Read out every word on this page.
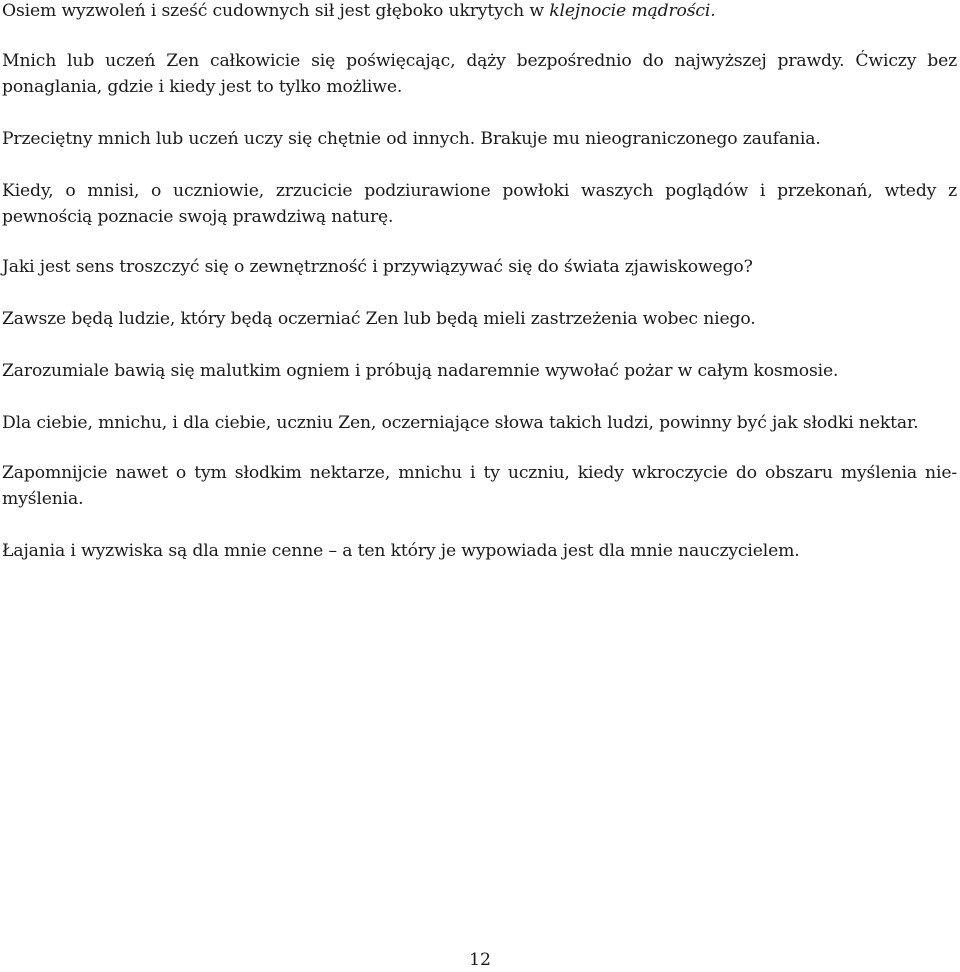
Osiem wyzwoleń i sześć cudownych sił jest głęboko ukrytych w klejnocie mądrości.

Mnich lub uczeń Zen całkowicie się poświęcając, dąży bezpośrednio do najwyższej prawdy. Ćwiczy bez ponaglania, gdzie i kiedy jest to tylko możliwe.

Przeciętny mnich lub uczeń uczy się chętnie od innych. Brakuje mu nieograniczonego zaufania.

Kiedy, o mnisi, o uczniowie, zrzucicie podziurawione powłoki waszych poglądów i przekonań, wtedy z pewnością poznacie swoją prawdziwą naturę.

Jaki jest sens troszczyć się o zewnętrzność i przywiązywać się do świata zjawiskowego?

Zawsze będą ludzie, który będą oczerniać Zen lub będą mieli zastrzeżenia wobec niego.

Zarozumiale bawią się malutkim ogniem i próbują nadaremnie wywołać pożar w całym kosmosie.

Dla ciebie, mnichu, i dla ciebie, uczniu Zen, oczerniające słowa takich ludzi, powinny być jak słodki nektar.

Zapomnijcie nawet o tym słodkim nektarze, mnichu i ty uczniu, kiedy wkroczycie do obszaru myślenia nie-myślenia.

Łajania i wyzwiska są dla mnie cenne – a ten który je wypowiada jest dla mnie nauczycielem.

12
